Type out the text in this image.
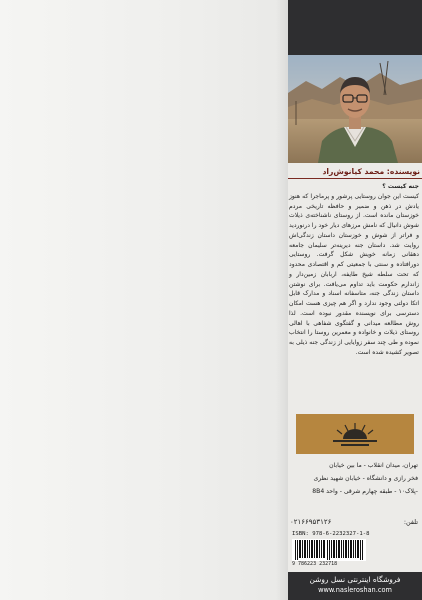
نویسنده: محمد کیانوش‌راد
جنه کیست ؟
کیست این جوان روستایی پرشور و پرماجرا که هنوز یادش در ذهن و ضمیر و حافظه تاریخی مردم خوزستان مانده است. از روستای ناشناخته‌ی ذیلات شوش دانیال که نامش مرزهای دیار خود را درنوردید و فراتر از شوش و خوزستان داستان زندگی‌اش روایت شد. داستان جنه دیرینه‌تر سلیمان جامعه دهقانی زمانه خویش شکل گرفت. روستایی دورافتاده و سنتی با جمعیتی کم و اقتصادی محدود که تحت سلطه شیخ طایفه، اربابان زمین‌دار و زاندارم حکومت باید تداوم می‌یافت. برای نوشتن داستان زندگی جنه، متاسفانه اسناد و مدارک قابل اتکا دولتی وجود ندارد و اگر هم چیزی هست امکان دسترسی برای نویسنده مقدور نبوده است. لذا روش مطالعه میدانی و گفتگوی شفاهی با اهالی روستای ذیلات و خانواده و معمرین روستا را انتخاب نموده و طی چند سفر زوایایی از زندگی جنه ذیلی به تصویر کشیده شده است.
تهران، میدان انقلاب - ما بین خیابان
فخر رازی و دانشگاه - خیابان شهید نظری
-پلاک۱۰ - طبقه چهارم شرقی - واحد 8B4
۰۲۱۶۶۹۵۳۱۲۶	تلفن:
ISBN: 978-6-2232327-1-8
9 786223 232718
فروشگاه اینترنتی نسل روشن
www.nasleroshan.com
